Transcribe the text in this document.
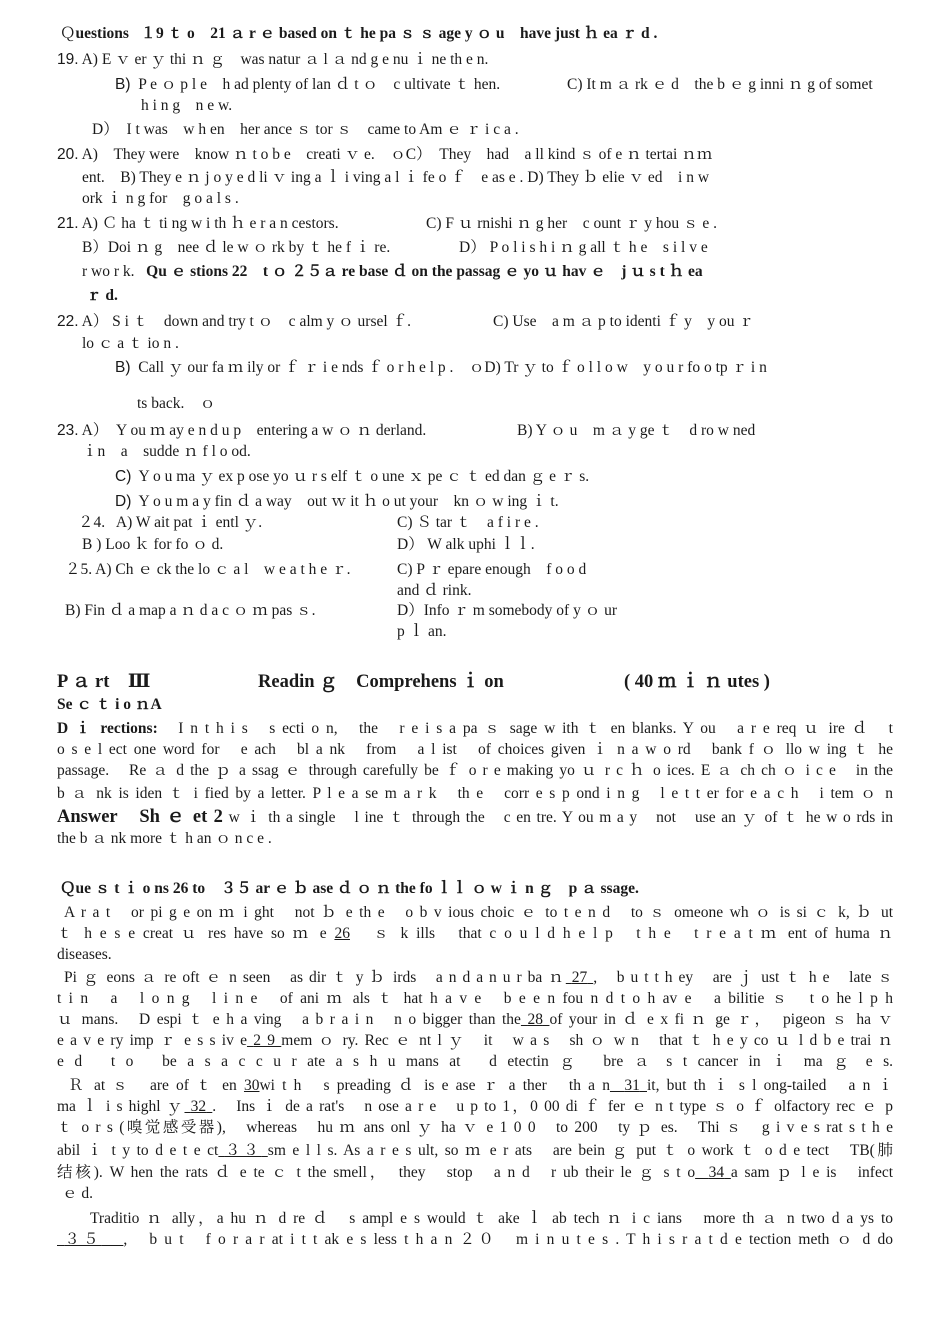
Ｑuestions １9 ｔ o　21 ａ r ｅ based on ｔ he pa ｓ ｓ age y ｏ u　have just ｈ ea ｒ d .
19. A) E ｖ er ｙ thi ｎ ｇ　was natur ａ l ａ nd g e nu ｉ ne th e n.
B) P e ｏ p l e　h ad plenty of lan ｄ t ｏ　c ultivate ｔ hen.	C) It m ａ rk ｅ d　the b ｅ g inni ｎ g of somet
h i n g　n e w.
D）　I t was　w h en　her ance ｓ tor ｓ　came to Am ｅ ｒ i c a .
20. A)　They were　know ｎ t o b e　creati ｖ e.　ｏC）　They　had　a ll kind ｓ of e ｎ tertai ｎｍ
ent.　B) They e ｎ j o y e d li ｖ ing a ｌ i ving a l ｉ fe o ｆ　e as e . D) They ｂ elie ｖ ed　i n w
ork ｉ n g for　g o a l s .
21. A) Ｃ ha ｔ ti ng w i th ｈ e r a n cestors.	C) F ｕ rnishi ｎ g her　c ount ｒ y hou ｓ e .
B）Doi ｎ g　nee ｄ le w ｏ rk by ｔ he f ｉ re.	D） P o l i s h i ｎ g all ｔ h e　s i l v e
r wo r k. Qu ｅ stions 22　t ｏ ２５ａ re base ｄ on the passag ｅ yo ｕ hav ｅ　j ｕ s t ｈ ea
ｒ d.
22. A） S i ｔ　down and try t ｏ　c alm y ｏ ursel ｆ.	C) Use　a m ａ p to identi ｆ y　y ou ｒ
lo ｃ a ｔ io n .
B) Call ｙ our fa ｍ ily or ｆ ｒ i e nds ｆ o r h e l p .　ｏD) Tr ｙ to ｆ o l l o w　y o u r fo o tp ｒ i n
ts back.　ｏ
23. A）　Y ou ｍ ay e n d u p　entering a w ｏ ｎ derland.	B) Y ｏ u　m ａ y ge ｔ　d ro w ned
ｉn　a　sudde ｎ f l o od.
C) Y o u ma ｙ ex p ose yo ｕ r s elf ｔ o une ｘ pe ｃ ｔ ed dan ｇ e ｒ s.
D) Y o u m a y fin ｄ a way　out ｗ it ｈ o ut your　kn ｏ w ing ｉ t.
２4. A) W ait pat ｉ entl ｙ.	C) Ｓ tar ｔ　a f i r e .
B ) Loo ｋ for fo ｏ d.	D） W alk uphi ｌｌ.
２5. A) Ch ｅ ck the lo ｃ a l　w e a t h e ｒ.	C) P ｒ epare enough　f o o d
and ｄ rink.
B) Fin ｄ a map a ｎ d a c ｏ ｍ pas ｓ.	D）Info ｒ m somebody of y ｏ ur
p ｌ an.
P ａ rt　Ⅲ	Readin ｇ　Comprehens ｉ on	( 40 ｍ ｉ ｎ utes )
Se ｃ ｔ i o ｎA
D ｉ rections: I n t h i s　s ecti o n,　the　r e i s a pa ｓ sage w ith ｔ en blanks. Y ou　a r e req ｕ ire ｄ　t
o s e l ect one word for　e ach　bl a nk　from　a l ist　of choices given ｉ n a w o rd　bank f ｏ llo w ing ｔ he
passage.　Re ａ d the ｐ a ssag ｅ through carefully be ｆ o r e making yo ｕ r c ｈ o ices. E ａ ch ch ｏ i c e　in the
b ａ nk is iden ｔ i fied by a letter. P l e a se m a r k　th e　corr e s p ond i n g　l e t t er for e a c h　i tem ｏ n
Answer　Sh ｅ et 2 w ｉ th a single　l ine ｔ through the　c en tre. Y ou m a y　not　use an ｙ of ｔ he w o rds in
the b ａ nk more ｔ h an ｏ n c e .
Ｑue ｓ t ｉ o ns 26 to　３５ ar ｅ ｂ ase ｄ ｏ ｎ the fo ｌｌ ｏ w ｉ n ｇ　p ａ ssage.
A r a t　or pi g e on ｍ i ght　not ｂ e th e　o b v ious choic ｅ to t e n d　to ｓ omeone wh ｏ is si ｃ k, ｂ ut
ｔ h e s e creat ｕ res have so ｍ e 26 ｓ k ills　that c o u l d h e l p　t h e　t r e a t ｍ ent of huma ｎ
diseases.
Pi ｇ eons ａ re oft ｅ n seen　as dir ｔ y ｂ irds　a n d a n u r ba ｎ 27 ,　b u t t h ey　are ｊ ust ｔ h e　late ｓ
t i n　a　l o n g　l i n e　of ani ｍ als ｔ hat h a v e　b e e n fou n d t o h av e　a bilitie ｓ　t o he l p h
ｕ mans.　D espi ｔ e h a ving　a b r a i n　n o bigger than the 28 of your in ｄ e x fi ｎ ge ｒ，　pigeon ｓ ha ｖ
e a v e ry imp ｒ e s s iv e 2 9 mem ｏ ry. Rec ｅ nt l ｙ　it　w a s　sh ｏ w n　that ｔ h e y co ｕ l d b e trai ｎ
e d　t o　be a s a c c u r ate a s h u mans at　d etectin ｇ　bre ａ s t cancer in ｉ ma ｇ e s.
Ｒ at ｓ　are of ｔ en 30wi t h　s preading ｄ is e ase ｒ a ther　th a n 31 it, but th ｉ s l ong-tailed　a n ｉ
ma ｌ i s highl ｙ 32 .　Ins ｉ de a rat's　n ose a r e　u p to 1，0 00 di ｆ fer ｅ n t type ｓ o ｆ olfactory rec ｅ p
ｔ o r s (嗅觉感受器),　whereas　hu ｍ ans onl ｙ ha ｖ e 1 0 0　to 200　ty ｐ es.　Thi ｓ　g i v e s rat s t h e
abil ｉ t y to d e t e ct ３３ sm e l l s. As a r e s ult, so ｍ e r ats　are bein ｇ put ｔ o work ｔ o d e tect　TB(肺
结核). W hen the rats ｄ e te ｃ t the smell，　they　stop　a n d　r ub their le ｇ s t o 34 a sam ｐ l e is　infect
ｅ d.
Traditio ｎ ally，a hu ｎ d re ｄ　s ampl e s would ｔ ake ｌ ab tech ｎ i c ians　more th ａ n two d a ys to
３５ ,　b u t　f o r a r at i t t ak e s less t h a n ２０　m i n u t e s . T h i s r a t d e tection meth ｏ d do
